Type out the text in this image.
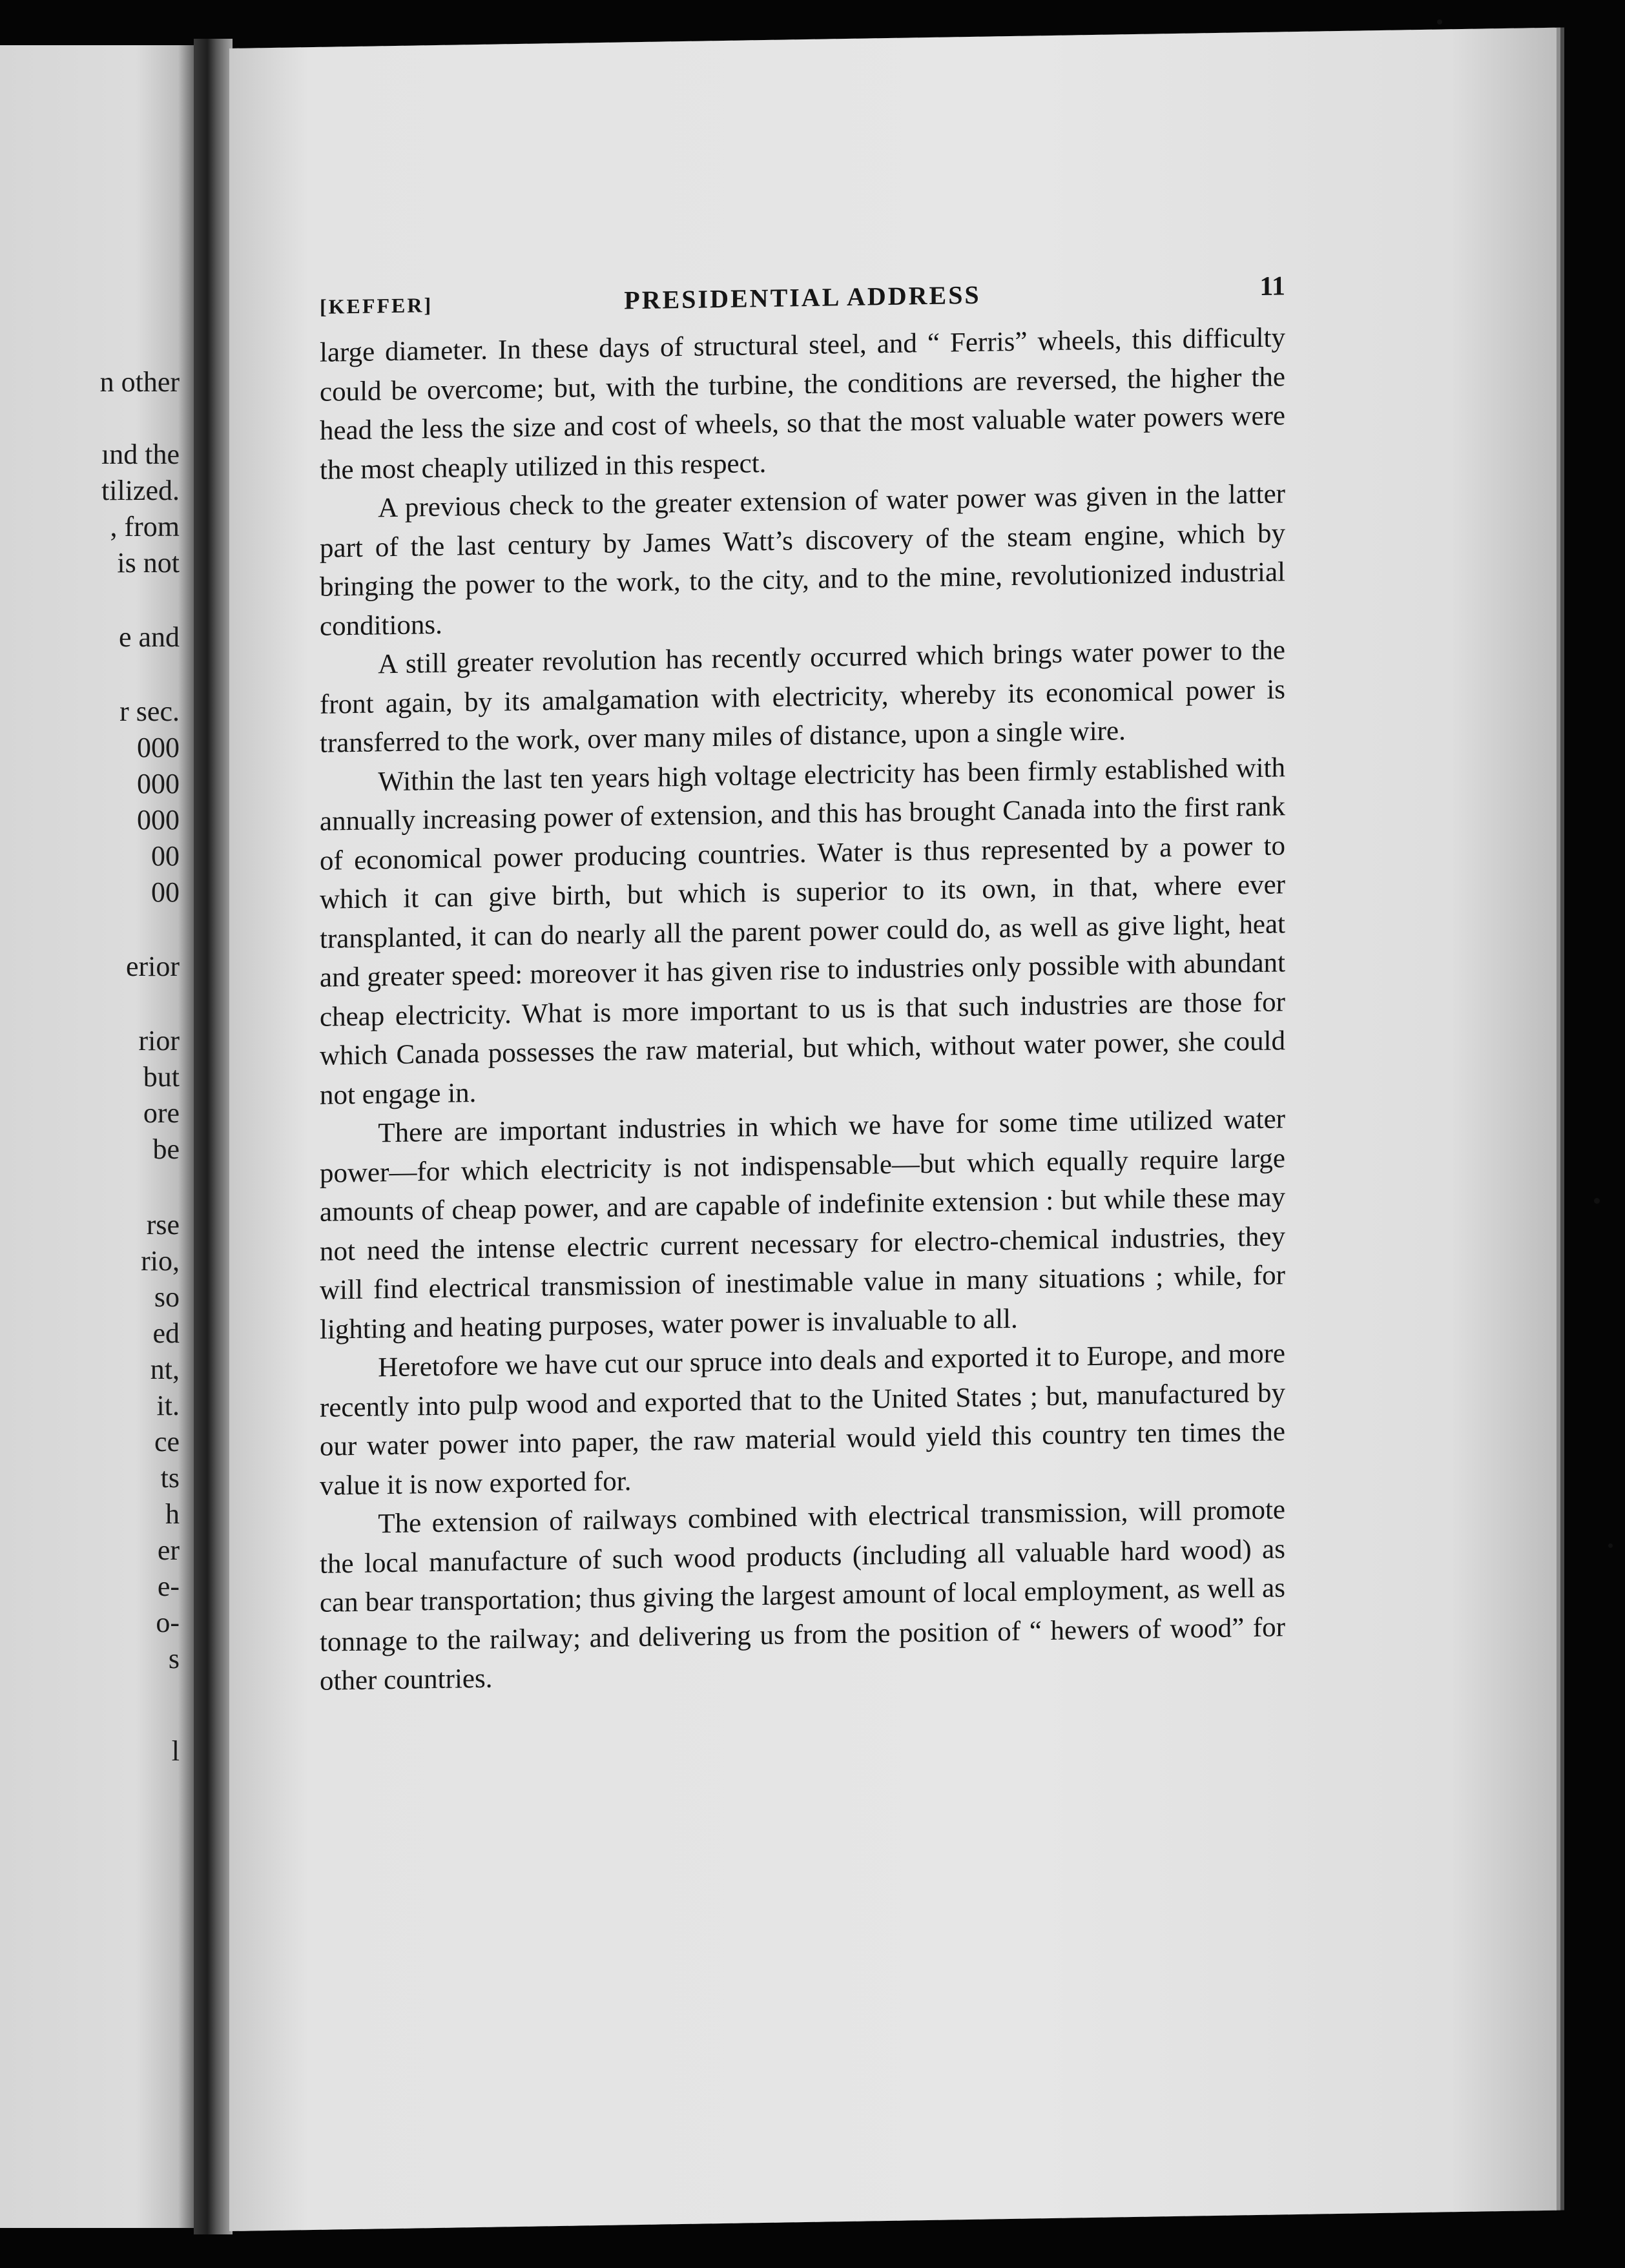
n other
ınd the
tilized.
, from
is not
e and
r sec.
000
000
000
00
00
erior
rior
but
ore
be
rse
rio,
so
ed
nt,
it.
ce
ts
h
er
e-
o-
s
l
[KEFFER]	PRESIDENTIAL ADDRESS	11

large diameter. In these days of structural steel, and “ Ferris” wheels, this difficulty could be overcome; but, with the turbine, the conditions are reversed, the higher the head the less the size and cost of wheels, so that the most valuable water powers were the most cheaply utilized in this respect.

A previous check to the greater extension of water power was given in the latter part of the last century by James Watt’s discovery of the steam engine, which by bringing the power to the work, to the city, and to the mine, revolutionized industrial conditions.

A still greater revolution has recently occurred which brings water power to the front again, by its amalgamation with electricity, whereby its economical power is transferred to the work, over many miles of distance, upon a single wire.

Within the last ten years high voltage electricity has been firmly established with annually increasing power of extension, and this has brought Canada into the first rank of economical power producing countries. Water is thus represented by a power to which it can give birth, but which is superior to its own, in that, where ever transplanted, it can do nearly all the parent power could do, as well as give light, heat and greater speed: moreover it has given rise to industries only possible with abundant cheap electricity. What is more important to us is that such industries are those for which Canada possesses the raw material, but which, without water power, she could not engage in.

There are important industries in which we have for some time utilized water power—for which electricity is not indispensable—but which equally require large amounts of cheap power, and are capable of indefinite extension : but while these may not need the intense electric current necessary for electro-chemical industries, they will find electrical transmission of inestimable value in many situations ; while, for lighting and heating purposes, water power is invaluable to all.

Heretofore we have cut our spruce into deals and exported it to Europe, and more recently into pulp wood and exported that to the United States ; but, manufactured by our water power into paper, the raw material would yield this country ten times the value it is now exported for.

The extension of railways combined with electrical transmission, will promote the local manufacture of such wood products (including all valuable hard wood) as can bear transportation; thus giving the largest amount of local employment, as well as tonnage to the railway; and delivering us from the position of “ hewers of wood” for other countries.
